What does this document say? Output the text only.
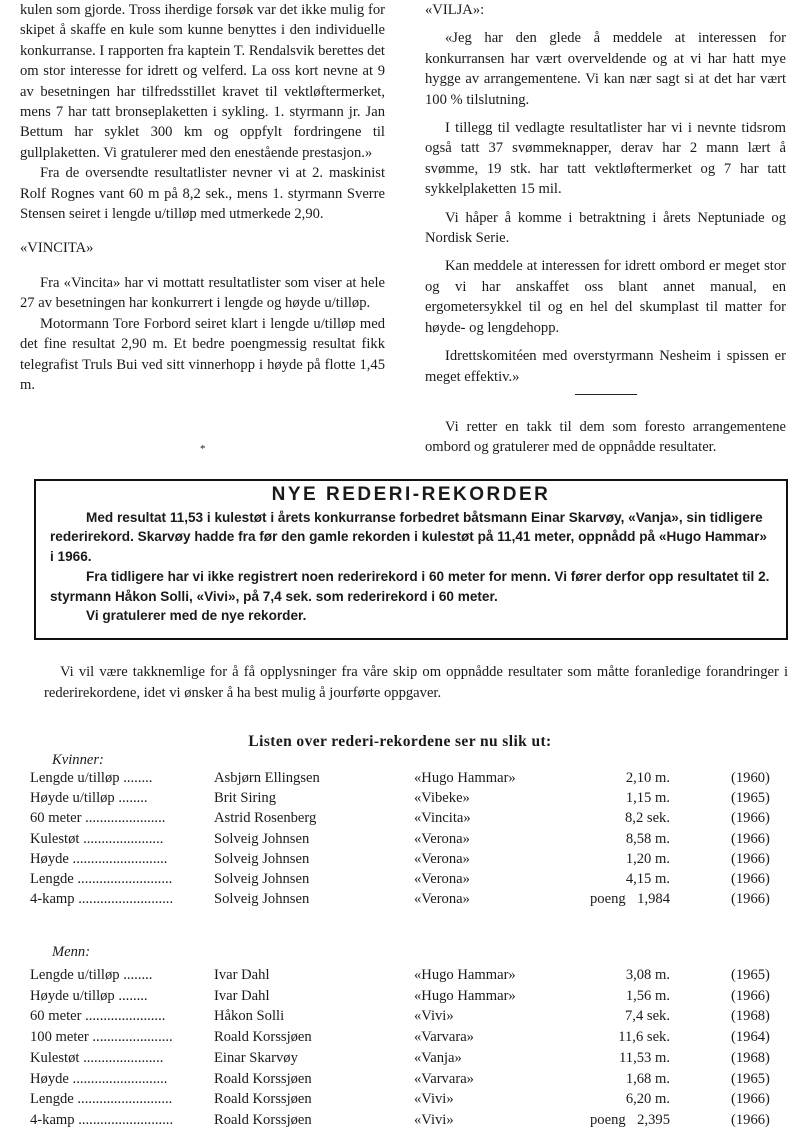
kulen som gjorde. Tross iherdige forsøk var det ikke mulig for skipet å skaffe en kule som kunne benyttes i den individuelle konkurranse. I rapporten fra kaptein T. Rendalsvik berettes det om stor interesse for idrett og velferd. La oss kort nevne at 9 av besetningen har tilfredsstillet kravet til vektløftermerket, mens 7 har tatt bronseplaketten i sykling. 1. styrmann jr. Jan Bettum har syklet 300 km og oppfylt fordringene til gullplaketten. Vi gratulerer med den enestående prestasjon.»

Fra de oversendte resultatlister nevner vi at 2. maskinist Rolf Rognes vant 60 m på 8,2 sek., mens 1. styrmann Sverre Stensen seiret i lengde u/tilløp med utmerkede 2,90.

«VINCITA»

Fra «Vincita» har vi mottatt resultatlister som viser at hele 27 av besetningen har konkurrert i lengde og høyde u/tilløp.

Motormann Tore Forbord seiret klart i lengde u/tilløp med det fine resultat 2,90 m. Et bedre poengmessig resultat fikk telegrafist Truls Bui ved sitt vinnerhopp i høyde på flotte 1,45 m.

*

«VILJA»:

«Jeg har den glede å meddele at interessen for konkurransen har vært overveldende og at vi har hatt mye hygge av arrangementene. Vi kan nær sagt si at det har vært 100 % tilslutning.

I tillegg til vedlagte resultatlister har vi i nevnte tidsrom også tatt 37 svømmeknapper, derav har 2 mann lært å svømme, 19 stk. har tatt vektløftermerket og 7 har tatt sykkelplaketten 15 mil.

Vi håper å komme i betraktning i årets Neptuniade og Nordisk Serie.

Kan meddele at interessen for idrett ombord er meget stor og vi har anskaffet oss blant annet manual, en ergometersykkel til og en hel del skumplast til matter for høyde- og lengdehopp.

Idrettskomitéen med overstyrmann Nesheim i spissen er meget effektiv.»

Vi retter en takk til dem som foresto arrangementene ombord og gratulerer med de oppnådde resultater.

NYE REDERI-REKORDER

Med resultat 11,53 i kulestøt i årets konkurranse forbedret båtsmann Einar Skarvøy, «Vanja», sin tidligere rederirekord. Skarvøy hadde fra før den gamle rekorden i kulestøt på 11,41 meter, oppnådd på «Hugo Hammar» i 1966.

Fra tidligere har vi ikke registrert noen rederirekord i 60 meter for menn. Vi fører derfor opp resultatet til 2. styrmann Håkon Solli, «Vivi», på 7,4 sek. som rederirekord i 60 meter.

Vi gratulerer med de nye rekorder.

Vi vil være takknemlige for å få opplysninger fra våre skip om oppnådde resultater som måtte foranledige forandringer i rederirekordene, idet vi ønsker å ha best mulig å jourførte oppgaver.

Listen over rederi-rekordene ser nu slik ut:
Kvinner:
Lengde u/tilløp ........	Asbjørn Ellingsen	«Hugo Hammar»	2,10 m.	(1960)
Høyde u/tilløp ........	Brit Siring	«Vibeke»	1,15 m.	(1965)
60 meter ......................	Astrid Rosenberg	«Vincita»	8,2 sek.	(1966)
Kulestøt ......................	Solveig Johnsen	«Verona»	8,58 m.	(1966)
Høyde ..........................	Solveig Johnsen	«Verona»	1,20 m.	(1966)
Lengde ..........................	Solveig Johnsen	«Verona»	4,15 m.	(1966)
4-kamp ..........................	Solveig Johnsen	«Verona»	poeng 1,984	(1966)
Menn:
Lengde u/tilløp ........	Ivar Dahl	«Hugo Hammar»	3,08 m.	(1965)
Høyde u/tilløp ........	Ivar Dahl	«Hugo Hammar»	1,56 m.	(1966)
60 meter ......................	Håkon Solli	«Vivi»	7,4 sek.	(1968)
100 meter ......................	Roald Korssjøen	«Varvara»	11,6 sek.	(1964)
Kulestøt ......................	Einar Skarvøy	«Vanja»	11,53 m.	(1968)
Høyde ..........................	Roald Korssjøen	«Varvara»	1,68 m.	(1965)
Lengde ..........................	Roald Korssjøen	«Vivi»	6,20 m.	(1966)
4-kamp ..........................	Roald Korssjøen	«Vivi»	poeng 2,395	(1966)
